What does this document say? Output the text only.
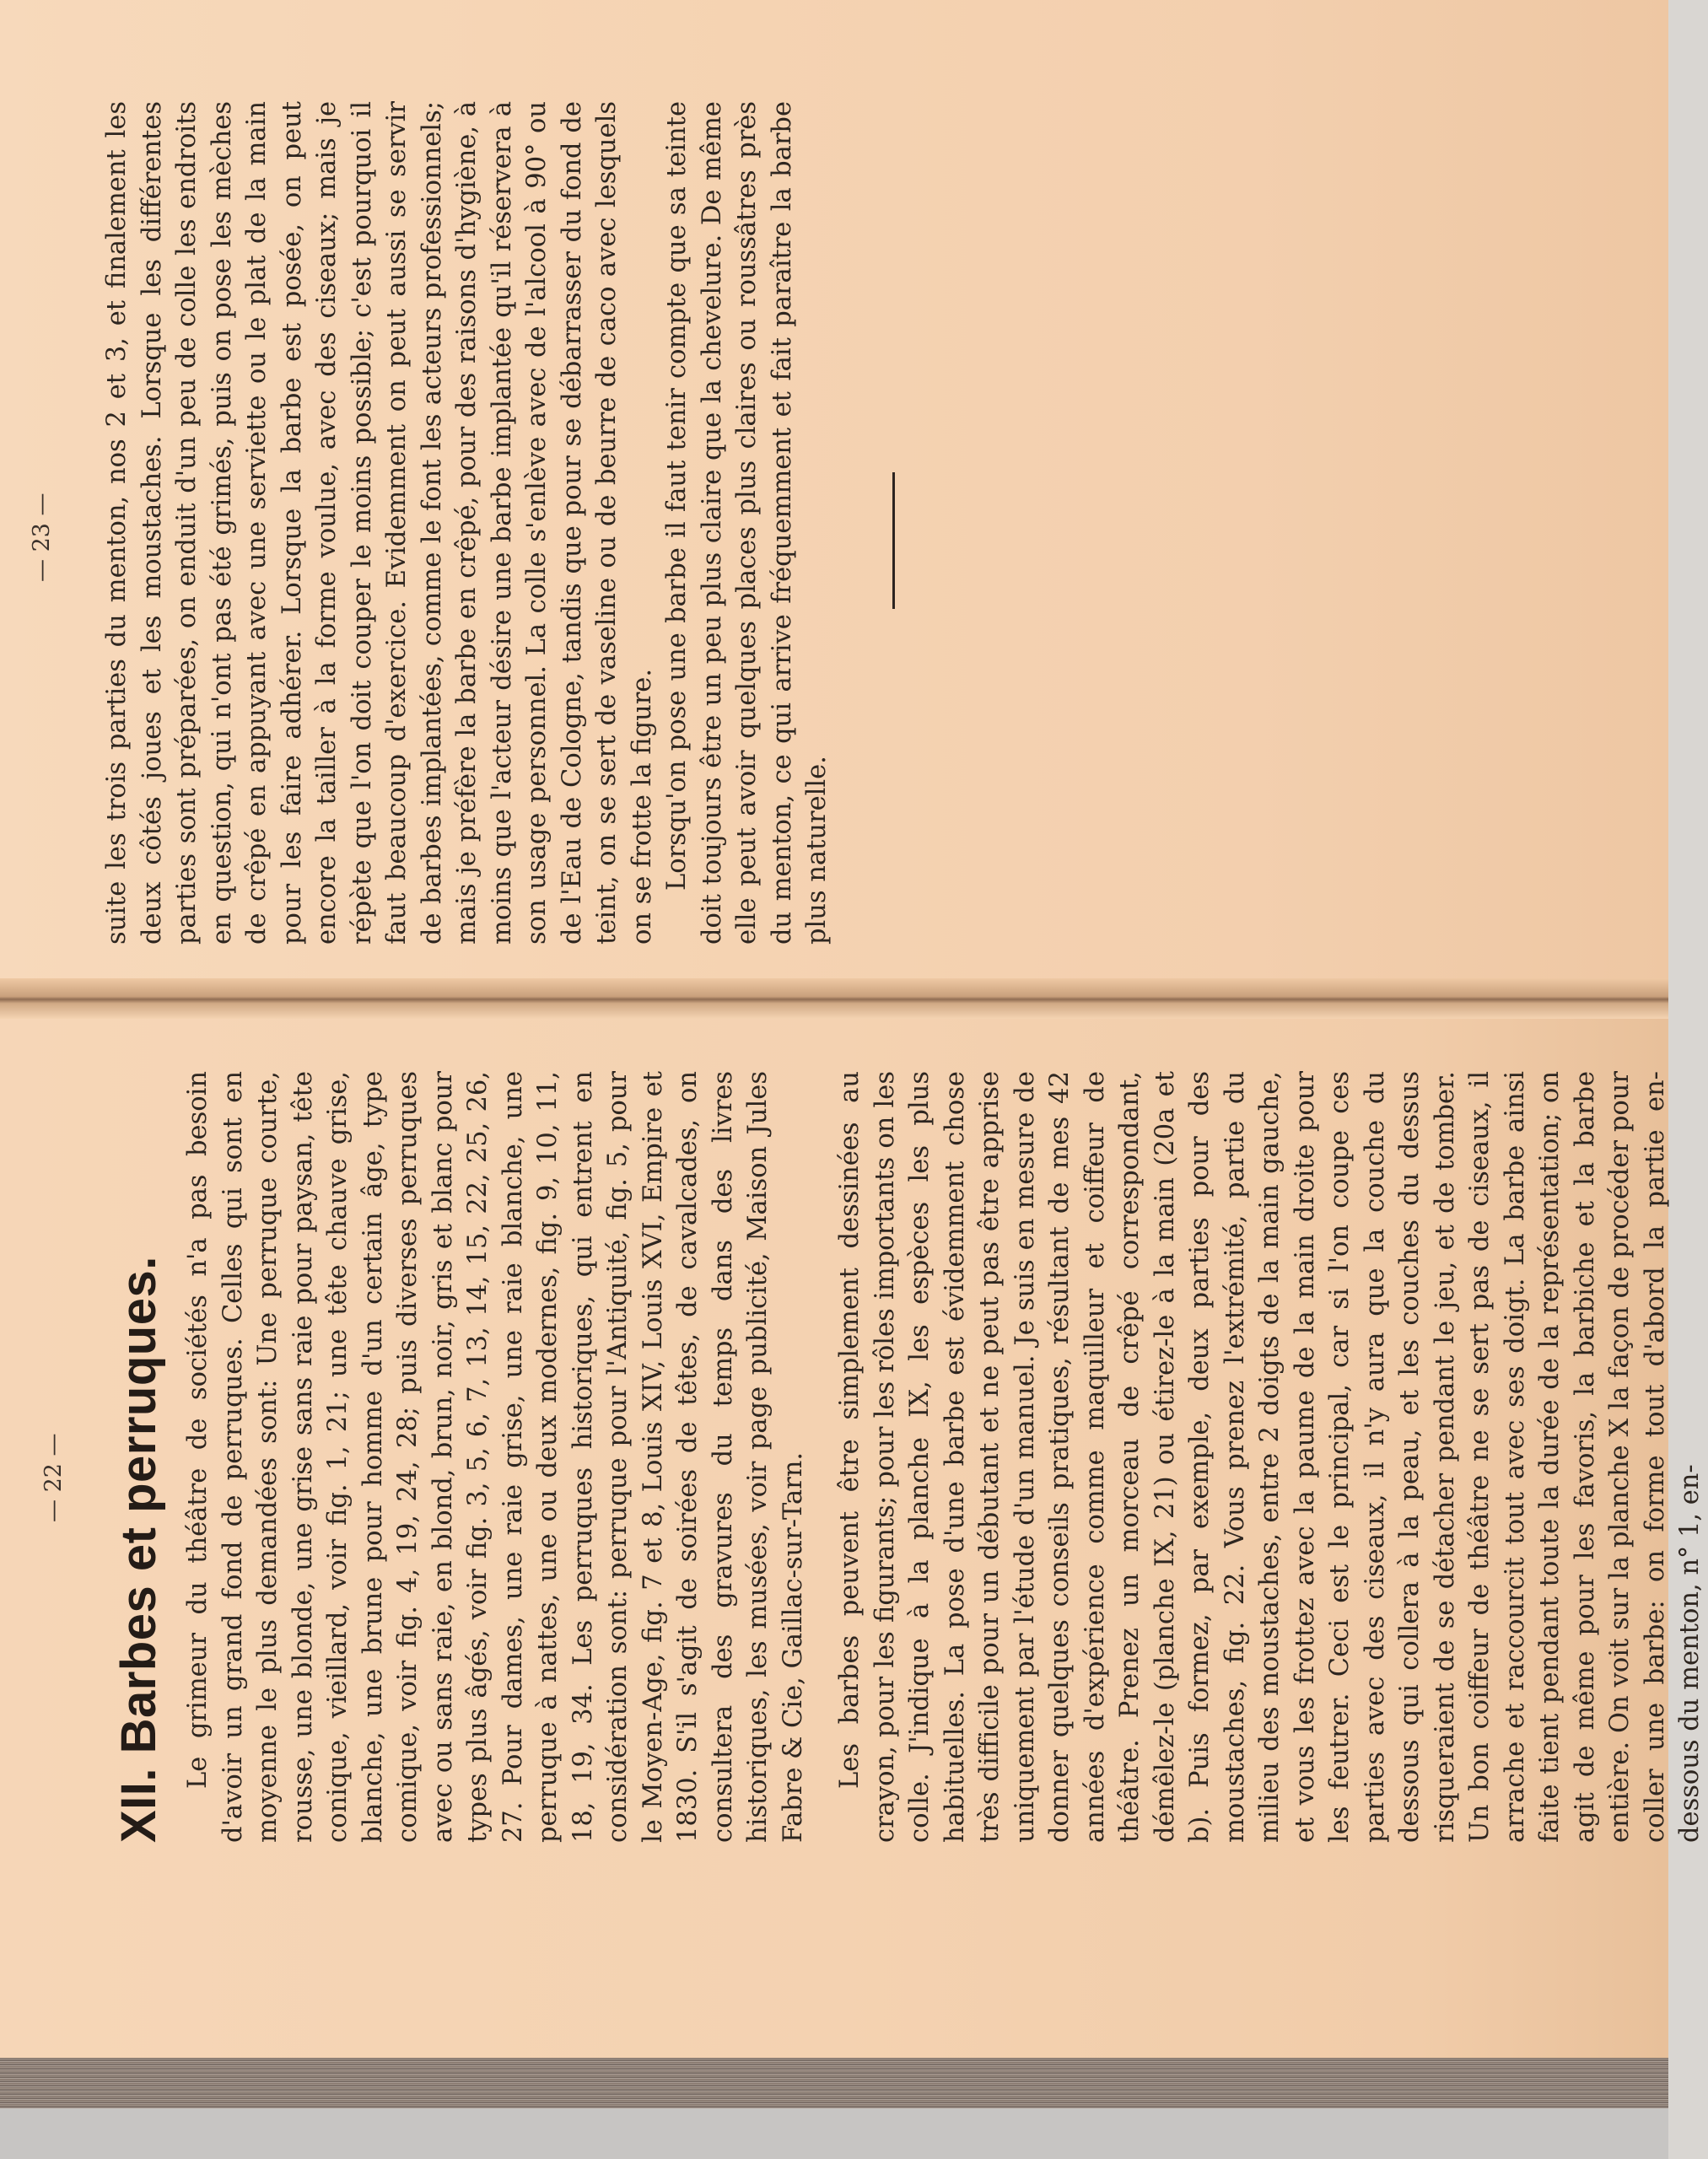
— 23 — suite les trois parties du menton, nos 2 et 3, et finalement les deux côtés joues et les moustaches. Lorsque les différentes parties sont préparées, on enduit d'un peu de colle les endroits en question, qui n'ont pas été grimés, puis on pose les mèches de crêpé en appuyant avec une serviette ou le plat de la main pour les faire adhérer. Lorsque la barbe est posée, on peut encore la tailler à la forme voulue, avec des ciseaux; mais je répète que l'on doit couper le moins possible; c'est pourquoi il faut beaucoup d'exercice. Evidemment on peut aussi se servir de barbes implantées, comme le font les acteurs professionnels; mais je préfère la barbe en crêpé, pour des raisons d'hygiène, à moins que l'acteur désire une barbe implantée qu'il réservera à son usage personnel. La colle s'enlève avec de l'alcool à 90° ou de l'Eau de Cologne, tandis que pour se débarrasser du fond de teint, on se sert de vaseline ou de beurre de caco avec lesquels on se frotte la figure. Lorsqu'on pose une barbe il faut tenir compte que sa teinte doit toujours être un peu plus claire que la chevelure. De même elle peut avoir quelques places plus claires ou roussâtres près du menton, ce qui arrive fréquemment et fait paraître la barbe plus naturelle.

— 22 — XII. Barbes et perruques. Le grimeur du théâtre de sociétés n'a pas besoin d'avoir un grand fond de perruques. Celles qui sont en moyenne le plus demandées sont: Une perruque courte, rousse, une blonde, une grise sans raie pour paysan, tête conique, vieillard, voir fig. 1, 21; une tête chauve grise, blanche, une brune pour homme d'un certain âge, type comique, voir fig. 4, 19, 24, 28; puis diverses perruques avec ou sans raie, en blond, brun, noir, gris et blanc pour types plus âgés, voir fig. 3, 5, 6, 7, 13, 14, 15, 22, 25, 26, 27. Pour dames, une raie grise, une raie blanche, une perruque à nattes, une ou deux modernes, fig. 9, 10, 11, 18, 19, 34. Les perruques historiques, qui entrent en considération sont: perruque pour l'Antiquité, fig. 5, pour le Moyen-Age, fig. 7 et 8, Louis XIV, Louis XVI, Empire et 1830. S'il s'agit de soirées de têtes, de cavalcades, on consultera des gravures du temps dans des livres historiques, les musées, voir page publicité, Maison Jules Fabre & Cie, Gaillac-sur-Tarn. Les barbes peuvent être simplement dessinées au crayon, pour les figurants; pour les rôles importants on les colle. J'indique à la planche IX, les espèces les plus habituelles. La pose d'une barbe est évidemment chose très difficile pour un débutant et ne peut pas être apprise uniquement par l'étude d'un manuel. Je suis en mesure de donner quelques conseils pratiques, résultant de mes 42 années d'expérience comme maquilleur et coiffeur de théâtre. Prenez un morceau de crêpé correspondant, démêlez-le (planche IX, 21) ou étirez-le à la main (20a et b). Puis formez, par exemple, deux parties pour des moustaches, fig. 22. Vous prenez l'extrémité, partie du milieu des moustaches, entre 2 doigts de la main gauche, et vous les frottez avec la paume de la main droite pour les feutrer. Ceci est le principal, car si l'on coupe ces parties avec des ciseaux, il n'y aura que la couche du dessous qui collera à la peau, et les couches du dessus risqueraient de se détacher pendant le jeu, et de tomber. Un bon coiffeur de théâtre ne se sert pas de ciseaux, il arrache et raccourcit tout avec ses doigt. La barbe ainsi faite tient pendant toute la durée de la représentation; on agit de même pour les favoris, la barbiche et la barbe entière. On voit sur la planche X la façon de procéder pour coller une barbe: on forme tout d'abord la partie en-dessous du menton, n° 1, en-
